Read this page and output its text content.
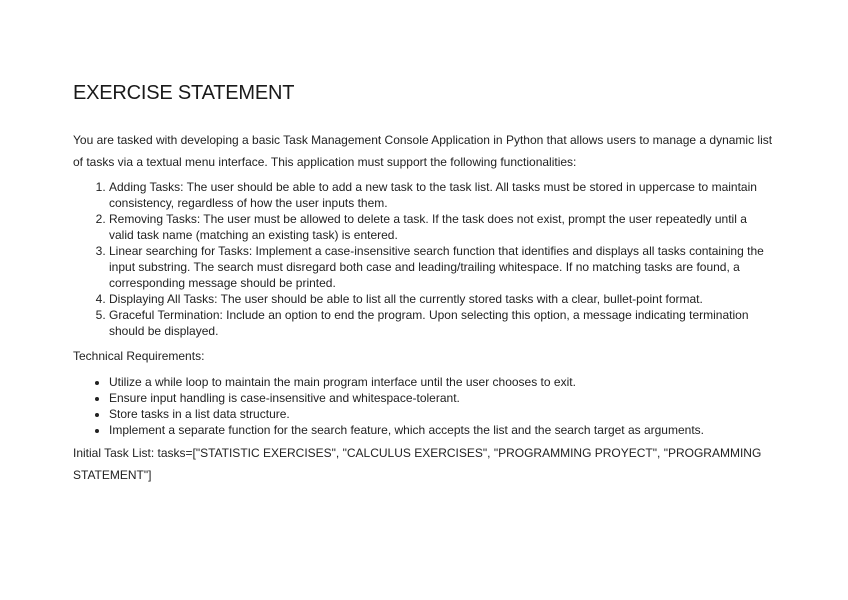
EXERCISE STATEMENT

You are tasked with developing a basic Task Management Console Application in Python that allows users to manage a dynamic list of tasks via a textual menu interface. This application must support the following functionalities:

1. Adding Tasks: The user should be able to add a new task to the task list. All tasks must be stored in uppercase to maintain consistency, regardless of how the user inputs them.
2. Removing Tasks: The user must be allowed to delete a task. If the task does not exist, prompt the user repeatedly until a valid task name (matching an existing task) is entered.
3. Linear searching for Tasks: Implement a case-insensitive search function that identifies and displays all tasks containing the input substring. The search must disregard both case and leading/trailing whitespace. If no matching tasks are found, a corresponding message should be printed.
4. Displaying All Tasks: The user should be able to list all the currently stored tasks with a clear, bullet-point format.
5. Graceful Termination: Include an option to end the program. Upon selecting this option, a message indicating termination should be displayed.

Technical Requirements:

• Utilize a while loop to maintain the main program interface until the user chooses to exit.
• Ensure input handling is case-insensitive and whitespace-tolerant.
• Store tasks in a list data structure.
• Implement a separate function for the search feature, which accepts the list and the search target as arguments.

Initial Task List: tasks=["STATISTIC EXERCISES", "CALCULUS EXERCISES", "PROGRAMMING PROYECT", "PROGRAMMING STATEMENT"]
